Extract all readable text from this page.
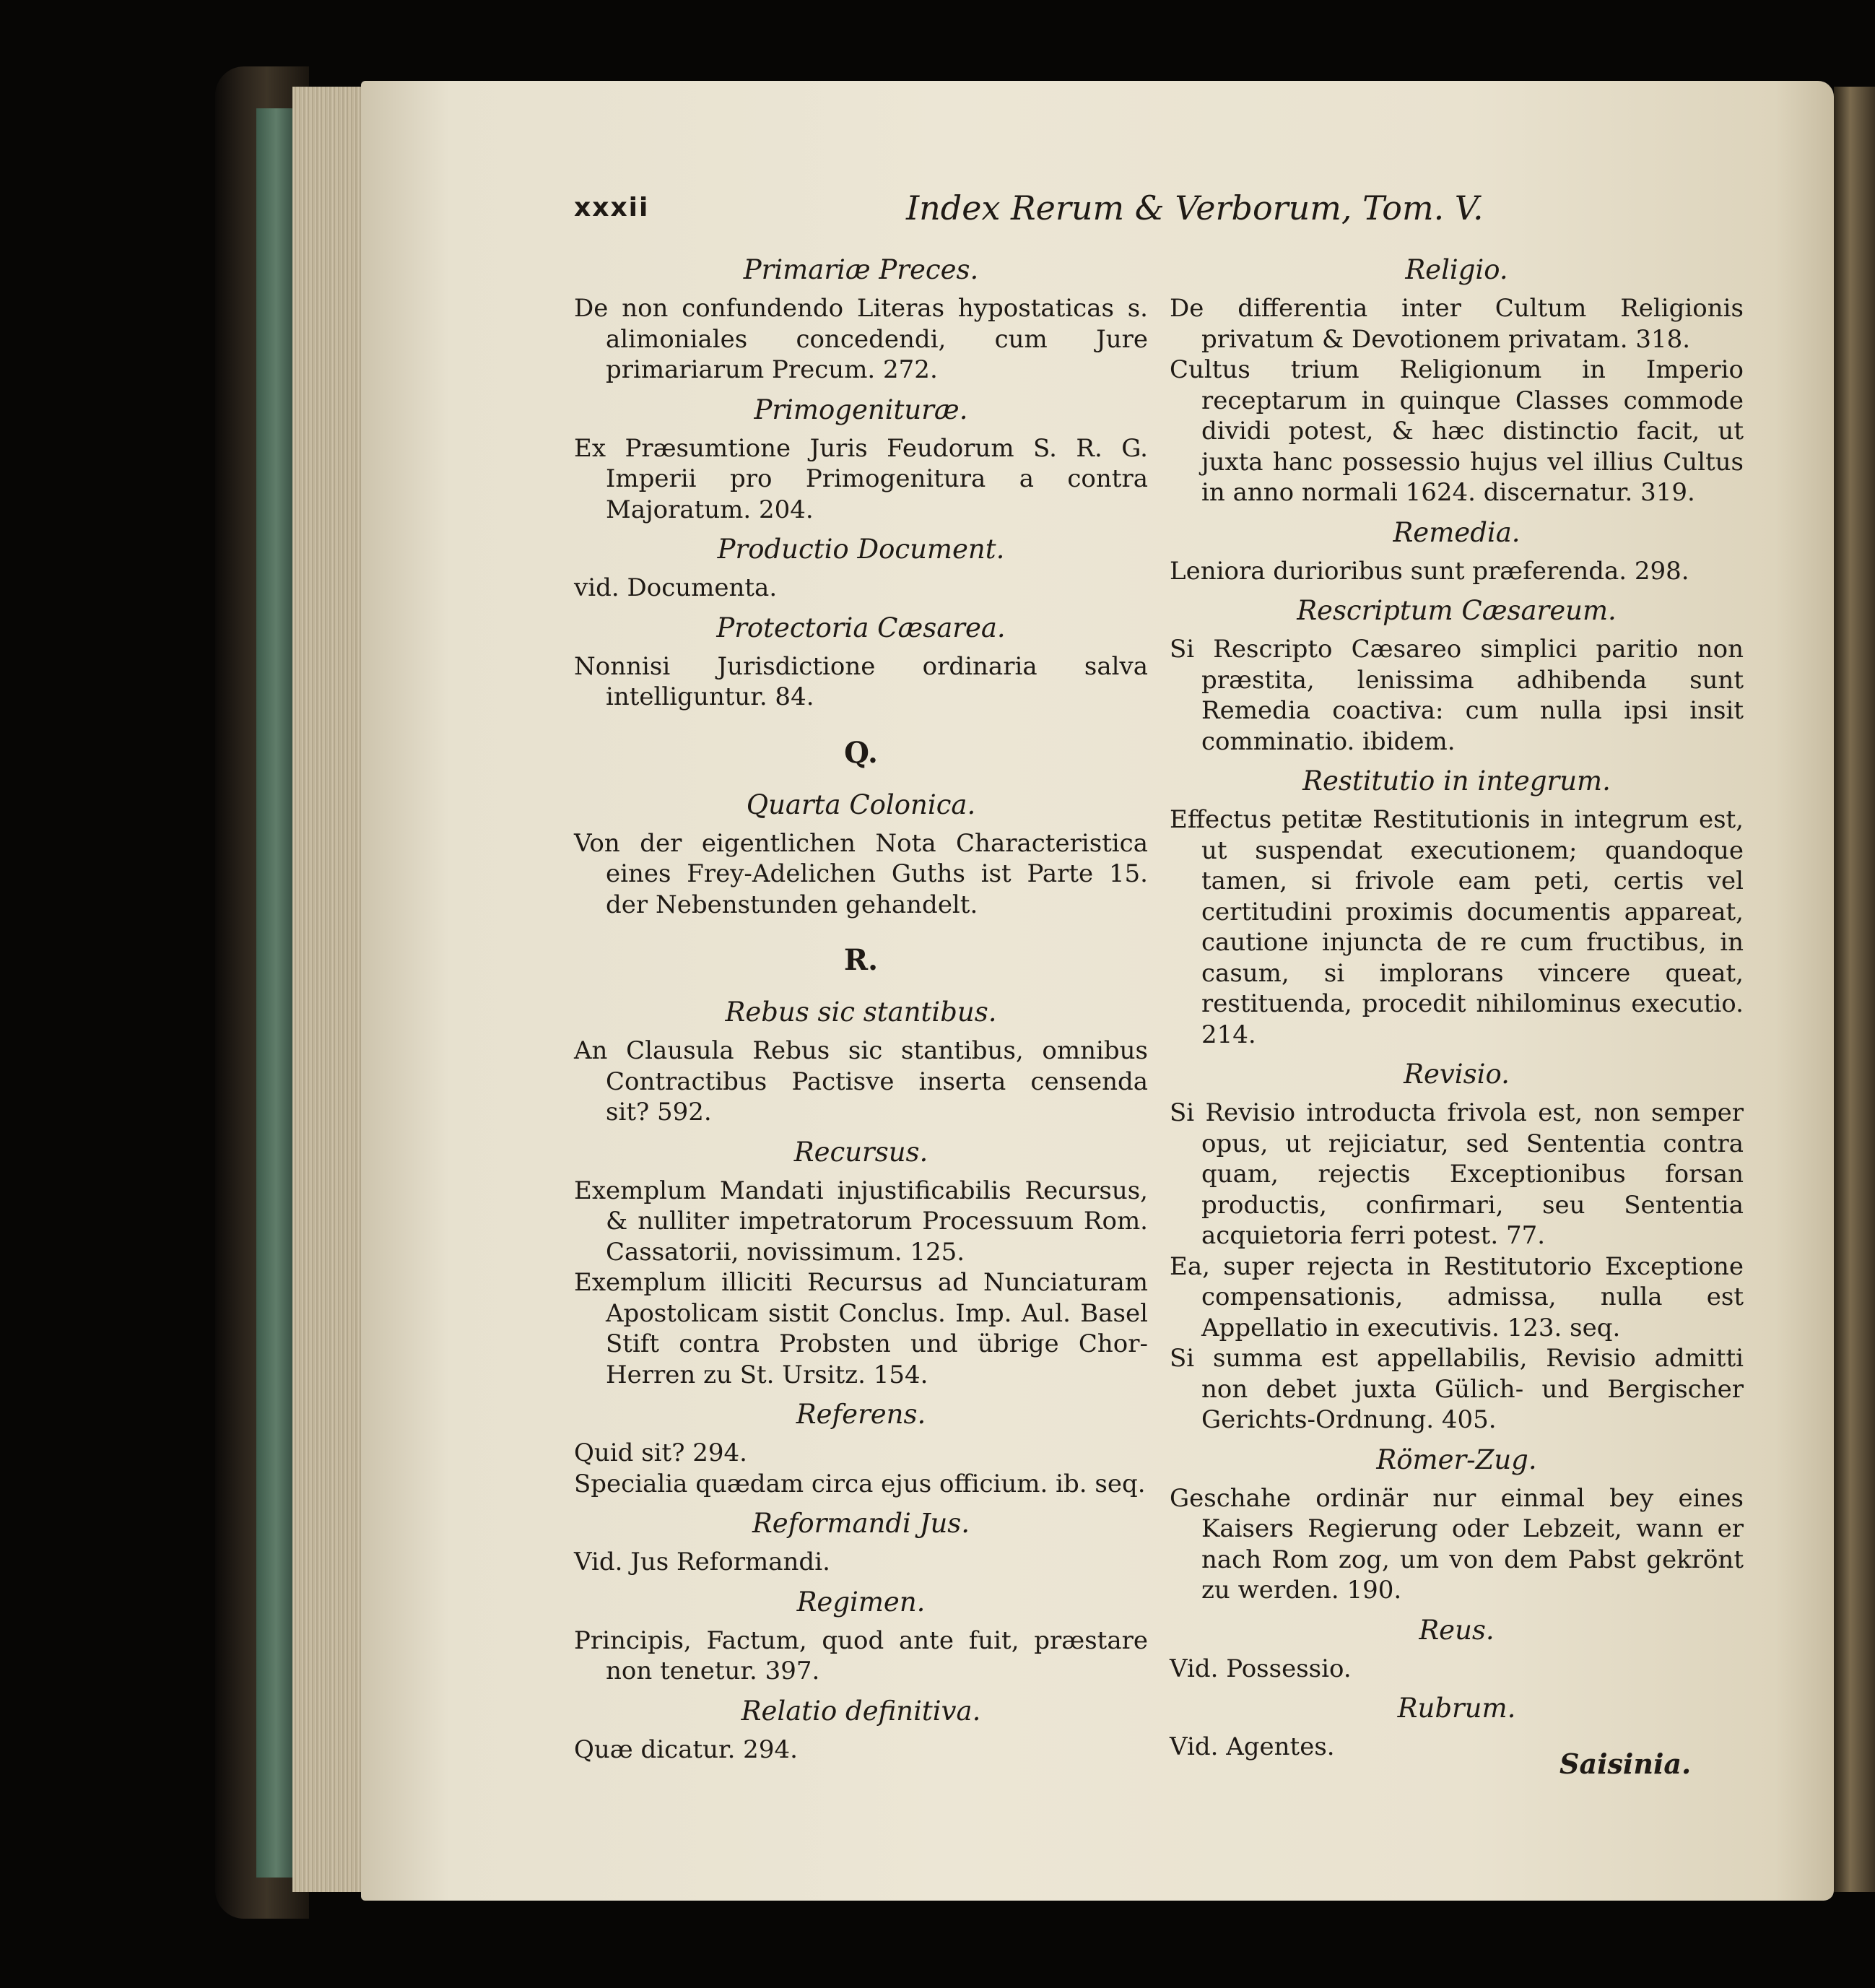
xxxii	Index Rerum & Verborum, Tom. V.
Primariæ Preces.
De non confundendo Literas hypostaticas s. alimoniales concedendi, cum Jure primariarum Precum. 272.
Primogenituræ.
Ex Præsumtione Juris Feudorum S. R. G. Imperii pro Primogenitura a contra Majoratum. 204.
Productio Document.
vid. Documenta.
Protectoria Cæsarea.
Nonnisi Jurisdictione ordinaria salva intelliguntur. 84.
Q.
Quarta Colonica.
Von der eigentlichen Nota Characteristica eines Frey-Adelichen Guths ist Parte 15. der Nebenstunden gehandelt.
R.
Rebus sic stantibus.
An Clausula Rebus sic stantibus, omnibus Contractibus Pactisve inserta censenda sit? 592.
Recursus.
Exemplum Mandati injustificabilis Recursus, & nulliter impetratorum Processuum Rom. Cassatorii, novissimum. 125.
Exemplum illiciti Recursus ad Nunciaturam Apostolicam sistit Conclus. Imp. Aul. Basel Stift contra Probsten und übrige Chor-Herren zu St. Ursitz. 154.
Referens.
Quid sit? 294.
Specialia quædam circa ejus officium. ib. seq.
Reformandi Jus.
Vid. Jus Reformandi.
Regimen.
Principis, Factum, quod ante fuit, præstare non tenetur. 397.
Relatio definitiva.
Quæ dicatur. 294.
Religio.
De differentia inter Cultum Religionis privatum & Devotionem privatam. 318.
Cultus trium Religionum in Imperio receptarum in quinque Classes commode dividi potest, & hæc distinctio facit, ut juxta hanc possessio hujus vel illius Cultus in anno normali 1624. discernatur. 319.
Remedia.
Leniora durioribus sunt præferenda. 298.
Rescriptum Cæsareum.
Si Rescripto Cæsareo simplici paritio non præstita, lenissima adhibenda sunt Remedia coactiva: cum nulla ipsi insit comminatio. ibidem.
Restitutio in integrum.
Effectus petitæ Restitutionis in integrum est, ut suspendat executionem; quandoque tamen, si frivole eam peti, certis vel certitudini proximis documentis appareat, cautione injuncta de re cum fructibus, in casum, si implorans vincere queat, restituenda, procedit nihilominus executio. 214.
Revisio.
Si Revisio introducta frivola est, non semper opus, ut rejiciatur, sed Sententia contra quam, rejectis Exceptionibus forsan productis, confirmari, seu Sententia acquietoria ferri potest. 77.
Ea, super rejecta in Restitutorio Exceptione compensationis, admissa, nulla est Appellatio in executivis. 123. seq.
Si summa est appellabilis, Revisio admitti non debet juxta Gülich- und Bergischer Gerichts-Ordnung. 405.
Römer-Zug.
Geschahe ordinär nur einmal bey eines Kaisers Regierung oder Lebzeit, wann er nach Rom zog, um von dem Pabst gekrönt zu werden. 190.
Reus.
Vid. Possessio.
Rubrum.
Vid. Agentes.
Saisinia.
